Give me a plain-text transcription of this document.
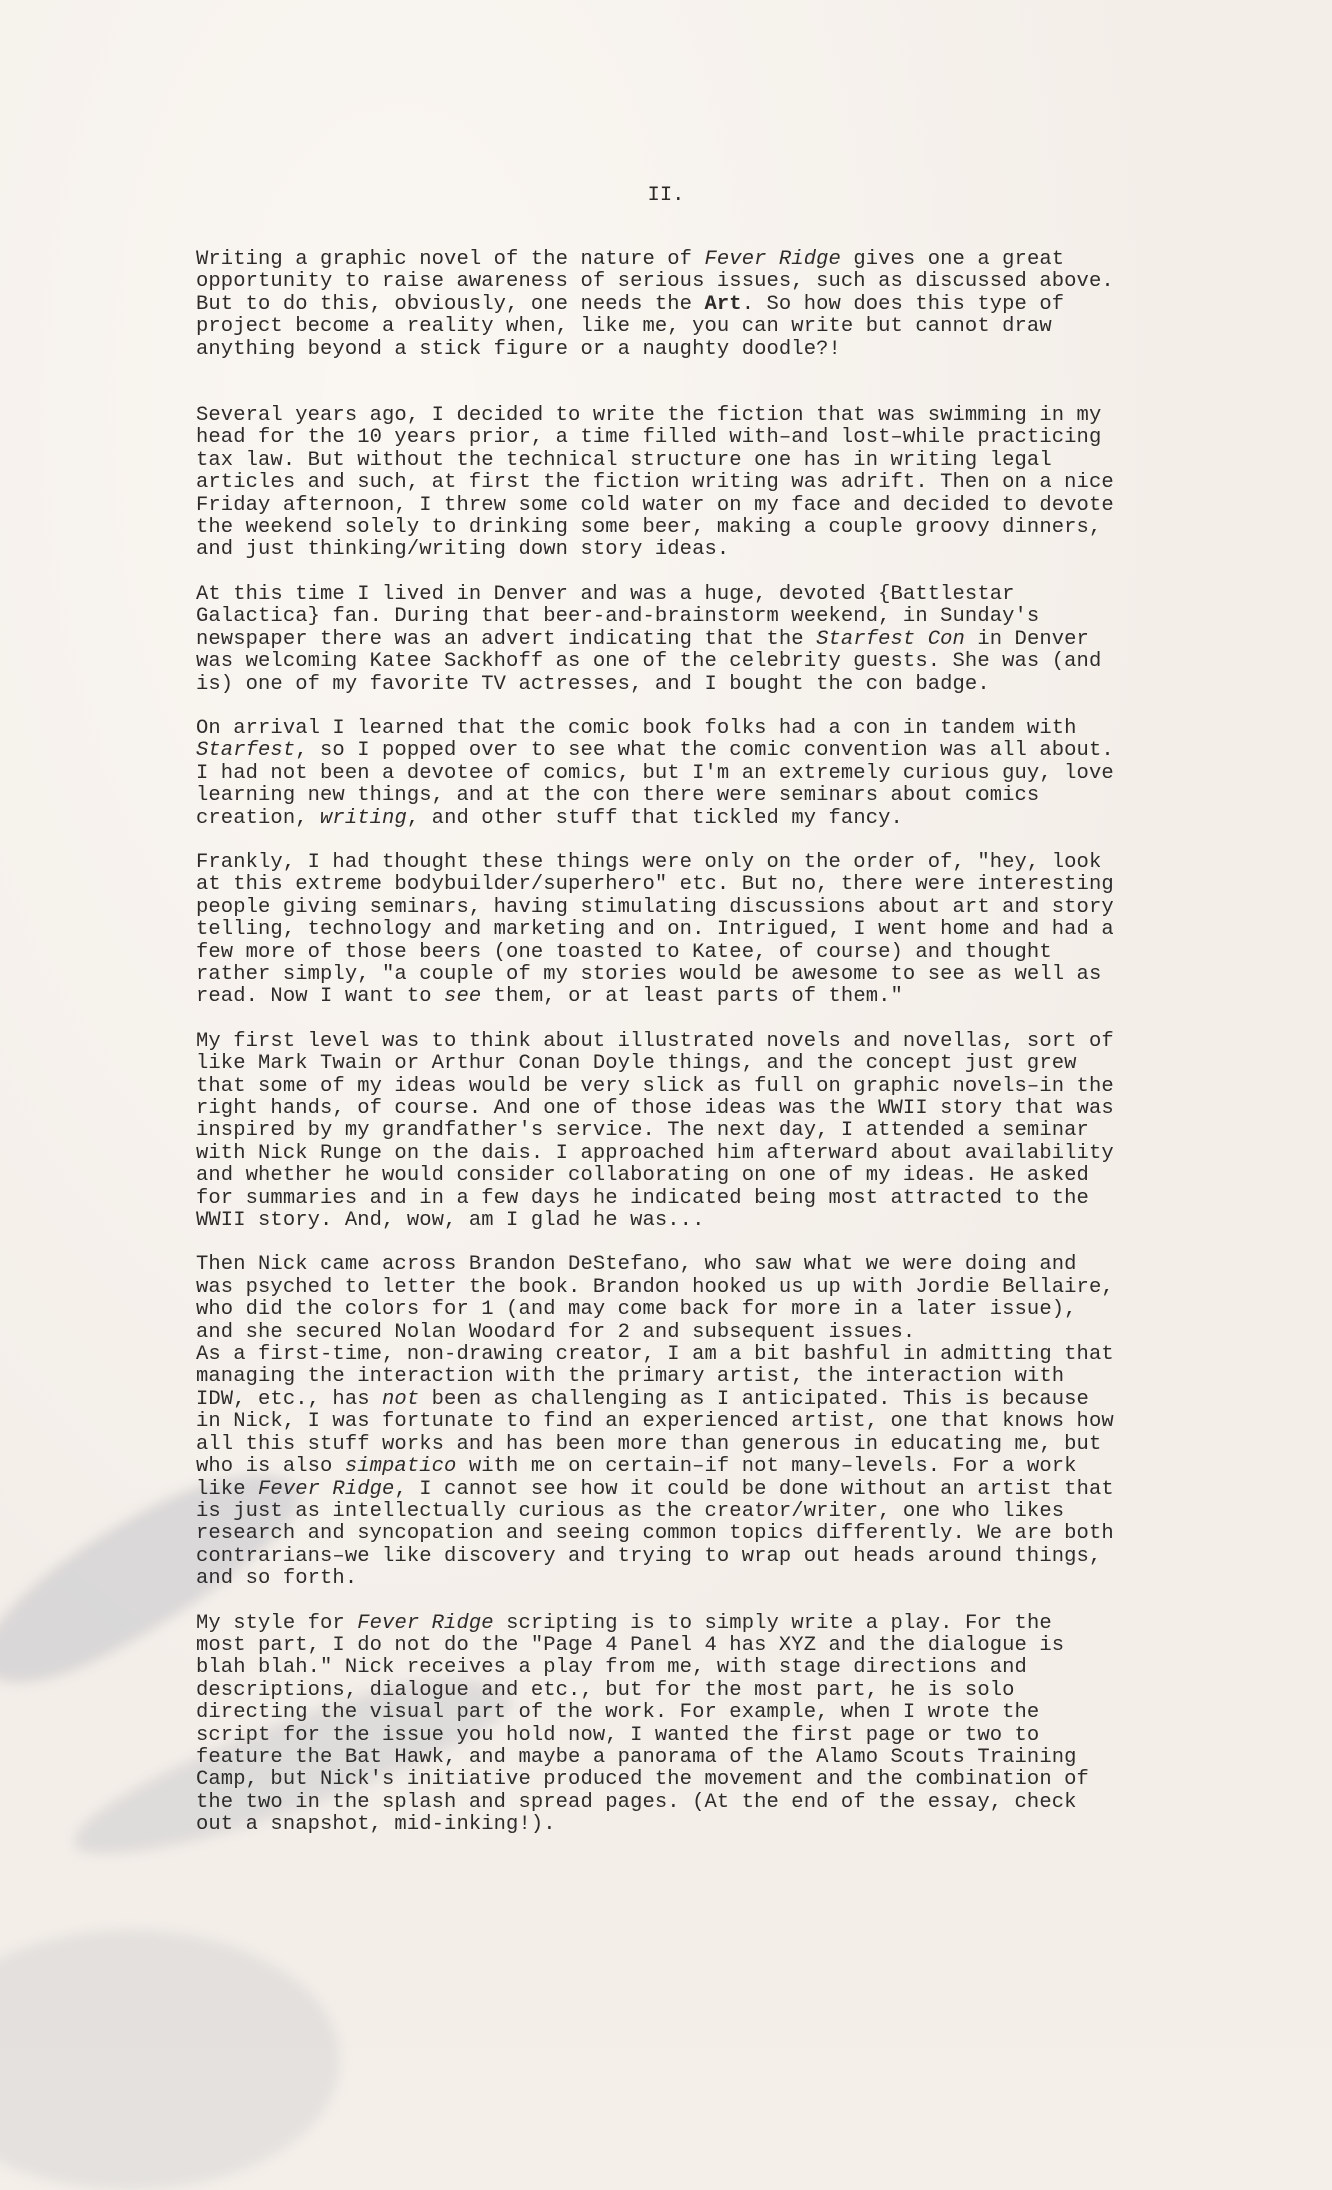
II.
Writing a graphic novel of the nature of Fever Ridge gives one a great
opportunity to raise awareness of serious issues, such as discussed above.
But to do this, obviously, one needs the Art. So how does this type of
project become a reality when, like me, you can write but cannot draw
anything beyond a stick figure or a naughty doodle?!
Several years ago, I decided to write the fiction that was swimming in my
head for the 10 years prior, a time filled with–and lost–while practicing
tax law. But without the technical structure one has in writing legal
articles and such, at first the fiction writing was adrift. Then on a nice
Friday afternoon, I threw some cold water on my face and decided to devote
the weekend solely to drinking some beer, making a couple groovy dinners,
and just thinking/writing down story ideas.
At this time I lived in Denver and was a huge, devoted {Battlestar
Galactica} fan. During that beer-and-brainstorm weekend, in Sunday's
newspaper there was an advert indicating that the Starfest Con in Denver
was welcoming Katee Sackhoff as one of the celebrity guests. She was (and
is) one of my favorite TV actresses, and I bought the con badge.
On arrival I learned that the comic book folks had a con in tandem with
Starfest, so I popped over to see what the comic convention was all about.
I had not been a devotee of comics, but I'm an extremely curious guy, love
learning new things, and at the con there were seminars about comics
creation, writing, and other stuff that tickled my fancy.
Frankly, I had thought these things were only on the order of, "hey, look
at this extreme bodybuilder/superhero" etc. But no, there were interesting
people giving seminars, having stimulating discussions about art and story
telling, technology and marketing and on. Intrigued, I went home and had a
few more of those beers (one toasted to Katee, of course) and thought
rather simply, "a couple of my stories would be awesome to see as well as
read. Now I want to see them, or at least parts of them."
My first level was to think about illustrated novels and novellas, sort of
like Mark Twain or Arthur Conan Doyle things, and the concept just grew
that some of my ideas would be very slick as full on graphic novels–in the
right hands, of course. And one of those ideas was the WWII story that was
inspired by my grandfather's service. The next day, I attended a seminar
with Nick Runge on the dais. I approached him afterward about availability
and whether he would consider collaborating on one of my ideas. He asked
for summaries and in a few days he indicated being most attracted to the
WWII story. And, wow, am I glad he was...
Then Nick came across Brandon DeStefano, who saw what we were doing and
was psyched to letter the book. Brandon hooked us up with Jordie Bellaire,
who did the colors for 1 (and may come back for more in a later issue),
and she secured Nolan Woodard for 2 and subsequent issues.
As a first-time, non-drawing creator, I am a bit bashful in admitting that
managing the interaction with the primary artist, the interaction with
IDW, etc., has not been as challenging as I anticipated. This is because
in Nick, I was fortunate to find an experienced artist, one that knows how
all this stuff works and has been more than generous in educating me, but
who is also simpatico with me on certain–if not many–levels. For a work
like Fever Ridge, I cannot see how it could be done without an artist that
is just as intellectually curious as the creator/writer, one who likes
research and syncopation and seeing common topics differently. We are both
contrarians–we like discovery and trying to wrap out heads around things,
and so forth.
My style for Fever Ridge scripting is to simply write a play. For the
most part, I do not do the "Page 4 Panel 4 has XYZ and the dialogue is
blah blah." Nick receives a play from me, with stage directions and
descriptions, dialogue and etc., but for the most part, he is solo
directing the visual part of the work. For example, when I wrote the
script for the issue you hold now, I wanted the first page or two to
feature the Bat Hawk, and maybe a panorama of the Alamo Scouts Training
Camp, but Nick's initiative produced the movement and the combination of
the two in the splash and spread pages. (At the end of the essay, check
out a snapshot, mid-inking!).
